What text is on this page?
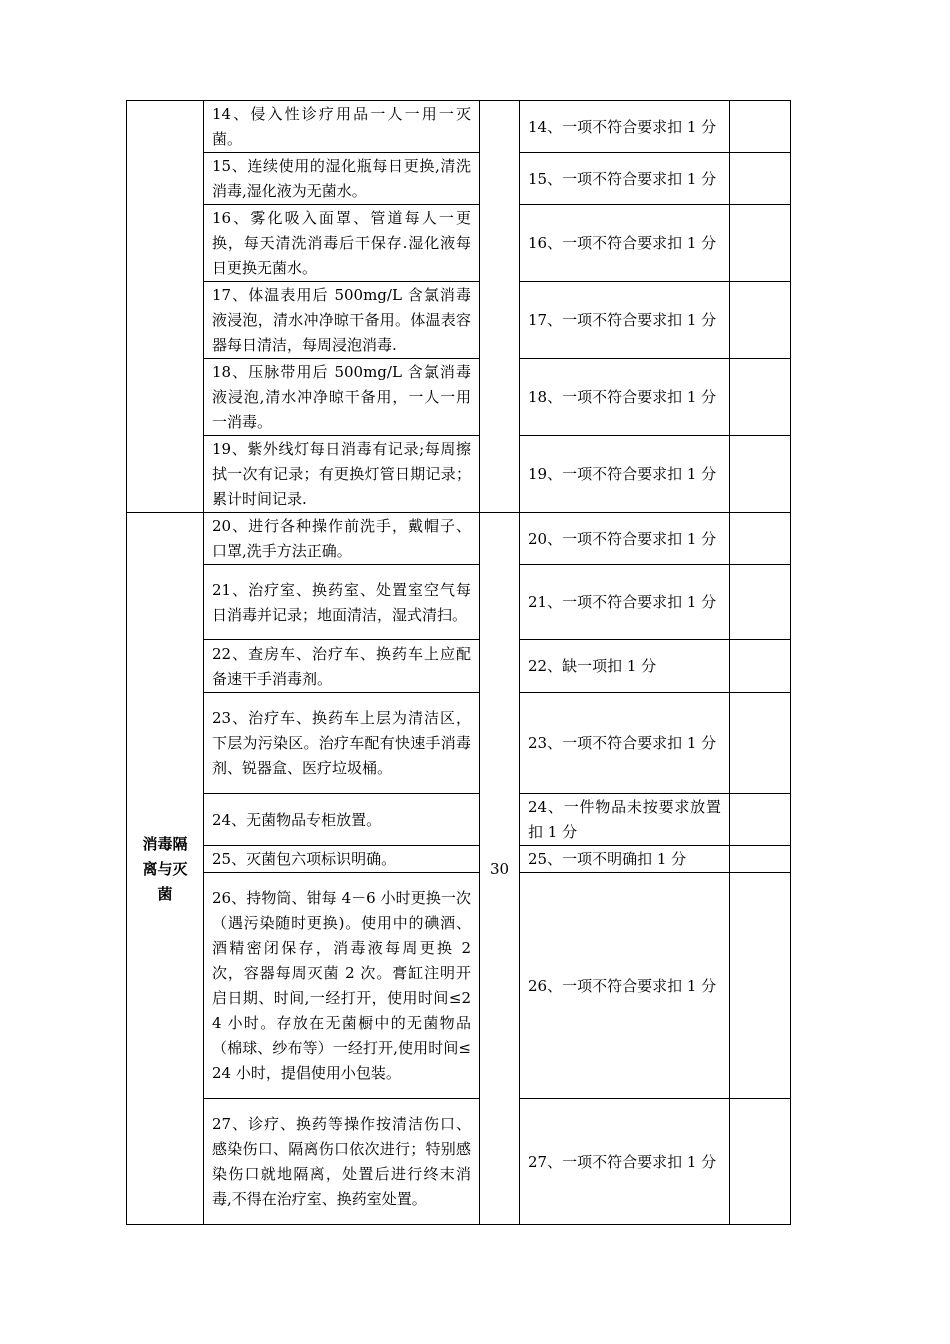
	14、侵入性诊疗用品一人一用一灭菌。		14、一项不符合要求扣 1 分	

	15、连续使用的湿化瓶每日更换,清洗消毒,湿化液为无菌水。		15、一项不符合要求扣 1 分	

	16、雾化吸入面罩、管道每人一更换，每天清洗消毒后干保存.湿化液每日更换无菌水。		16、一项不符合要求扣 1 分	

	17、体温表用后 500mg/L 含氯消毒液浸泡，清水冲净晾干备用。体温表容器每日清洁，每周浸泡消毒.		17、一项不符合要求扣 1 分	

	18、压脉带用后 500mg/L 含氯消毒液浸泡,清水冲净晾干备用，一人一用一消毒。		18、一项不符合要求扣 1 分	

	19、紫外线灯每日消毒有记录;每周擦拭一次有记录；有更换灯管日期记录；累计时间记录.		19、一项不符合要求扣 1 分	

消毒隔离与灭菌	20、进行各种操作前洗手，戴帽子、口罩,洗手方法正确。	30	20、一项不符合要求扣 1 分	

	21、治疗室、换药室、处置室空气每日消毒并记录；地面清洁，湿式清扫。		21、一项不符合要求扣 1 分	

	22、查房车、治疗车、换药车上应配备速干手消毒剂。		22、缺一项扣 1 分	

	23、治疗车、换药车上层为清洁区，下层为污染区。治疗车配有快速手消毒剂、锐器盒、医疗垃圾桶。		23、一项不符合要求扣 1 分	

	24、无菌物品专柜放置。		24、一件物品未按要求放置扣 1 分	

	25、灭菌包六项标识明确。		25、一项不明确扣 1 分	

	26、持物筒、钳每 4－6 小时更换一次（遇污染随时更换)。使用中的碘酒、酒精密闭保存，消毒液每周更换 2 次，容器每周灭菌 2 次。膏缸注明开启日期、时间,一经打开，使用时间≤24 小时。存放在无菌橱中的无菌物品（棉球、纱布等）一经打开,使用时间≤24 小时，提倡使用小包装。		26、一项不符合要求扣 1 分	

	27、诊疗、换药等操作按清洁伤口、感染伤口、隔离伤口依次进行；特别感染伤口就地隔离，处置后进行终末消毒,不得在治疗室、换药室处置。		27、一项不符合要求扣 1 分	
